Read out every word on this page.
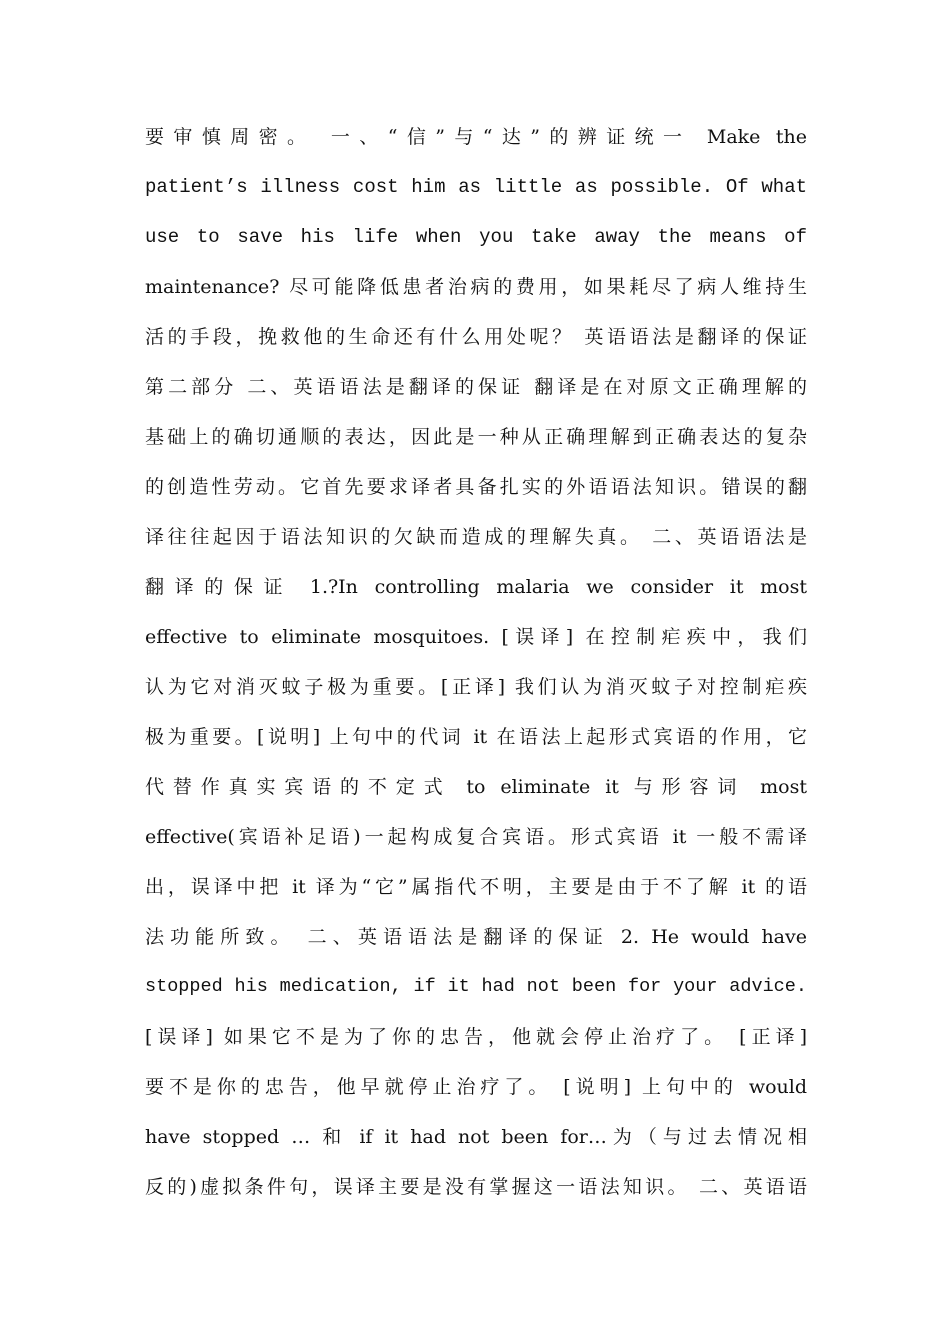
要审慎周密。 一、“信”与“达”的辨证统一 Make the
patient’s illness cost him as little as possible. Of what
use to save his life when you take away the means of
maintenance? 尽可能降低患者治病的费用，如果耗尽了病人维持生
活的手段，挽救他的生命还有什么用处呢？ 英语语法是翻译的保证
第二部分 二、英语语法是翻译的保证 翻译是在对原文正确理解的
基础上的确切通顺的表达，因此是一种从正确理解到正确表达的复杂
的创造性劳动。它首先要求译者具备扎实的外语语法知识。错误的翻
译往往起因于语法知识的欠缺而造成的理解失真。 二、英语语法是
翻译的保证 1.?In controlling malaria we consider it most
effective to eliminate mosquitoes. [误译] 在控制疟疾中，我们
认为它对消灭蚊子极为重要。[正译] 我们认为消灭蚊子对控制疟疾
极为重要。[说明] 上句中的代词 it 在语法上起形式宾语的作用，它
代替作真实宾语的不定式 to eliminate it 与形容词 most
effective(宾语补足语)一起构成复合宾语。形式宾语 it 一般不需译
出，误译中把 it 译为“它”属指代不明，主要是由于不了解 it 的语
法功能所致。 二、英语语法是翻译的保证 2. He would have
stopped his medication, if it had not been for your advice.
[误译] 如果它不是为了你的忠告，他就会停止治疗了。 [正译]
要不是你的忠告，他早就停止治疗了。 [说明] 上句中的 would
have stopped … 和 if it had not been for…为（与过去情况相
反的)虚拟条件句，误译主要是没有掌握这一语法知识。 二、英语语
